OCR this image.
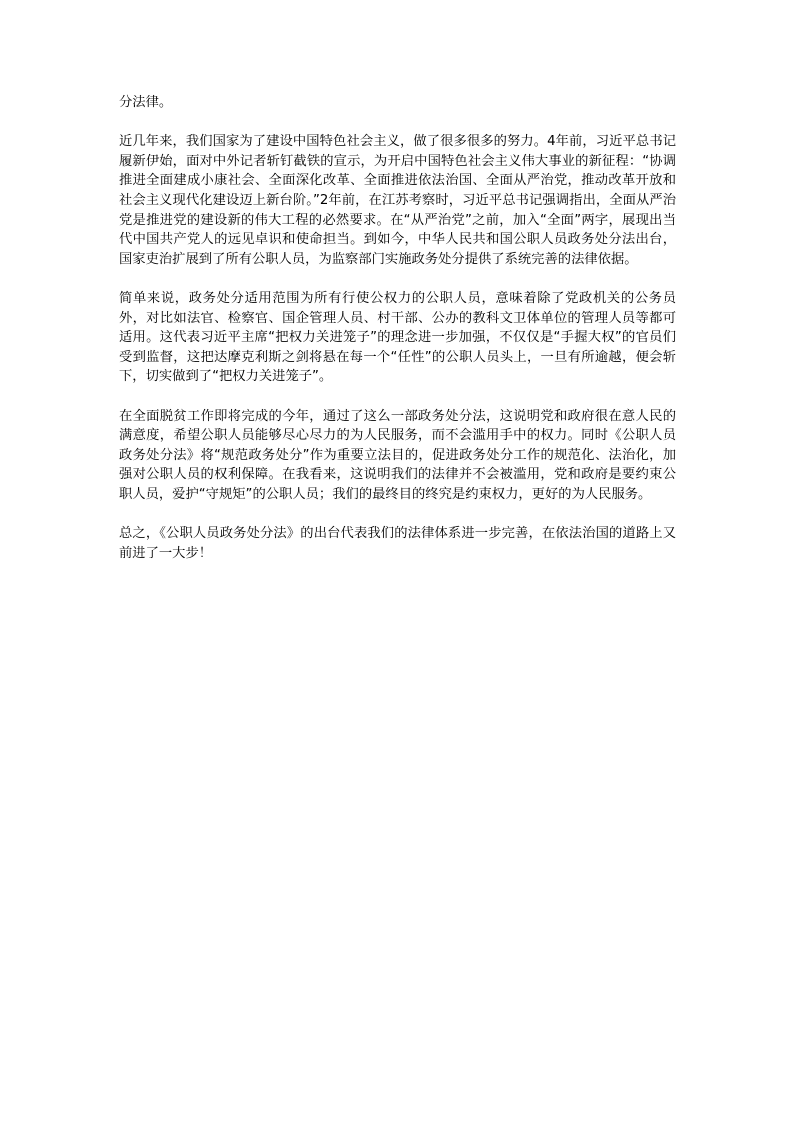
分法律。

近几年来，我们国家为了建设中国特色社会主义，做了很多很多的努力。4年前，习近平总书记履新伊始，面对中外记者斩钉截铁的宣示，为开启中国特色社会主义伟大事业的新征程：“协调推进全面建成小康社会、全面深化改革、全面推进依法治国、全面从严治党，推动改革开放和社会主义现代化建设迈上新台阶。”2年前，在江苏考察时，习近平总书记强调指出，全面从严治党是推进党的建设新的伟大工程的必然要求。在“从严治党”之前，加入“全面”两字，展现出当代中国共产党人的远见卓识和使命担当。到如今，中华人民共和国公职人员政务处分法出台，国家吏治扩展到了所有公职人员，为监察部门实施政务处分提供了系统完善的法律依据。

简单来说，政务处分适用范围为所有行使公权力的公职人员，意味着除了党政机关的公务员外，对比如法官、检察官、国企管理人员、村干部、公办的教科文卫体单位的管理人员等都可适用。这代表习近平主席“把权力关进笼子”的理念进一步加强，不仅仅是“手握大权”的官员们受到监督，这把达摩克利斯之剑将悬在每一个“任性”的公职人员头上，一旦有所逾越，便会斩下，切实做到了“把权力关进笼子”。

在全面脱贫工作即将完成的今年，通过了这么一部政务处分法，这说明党和政府很在意人民的满意度，希望公职人员能够尽心尽力的为人民服务，而不会滥用手中的权力。同时《公职人员政务处分法》将“规范政务处分”作为重要立法目的，促进政务处分工作的规范化、法治化，加强对公职人员的权利保障。在我看来，这说明我们的法律并不会被滥用，党和政府是要约束公职人员，爱护“守规矩”的公职人员；我们的最终目的终究是约束权力，更好的为人民服务。

总之，《公职人员政务处分法》的出台代表我们的法律体系进一步完善，在依法治国的道路上又前进了一大步！
